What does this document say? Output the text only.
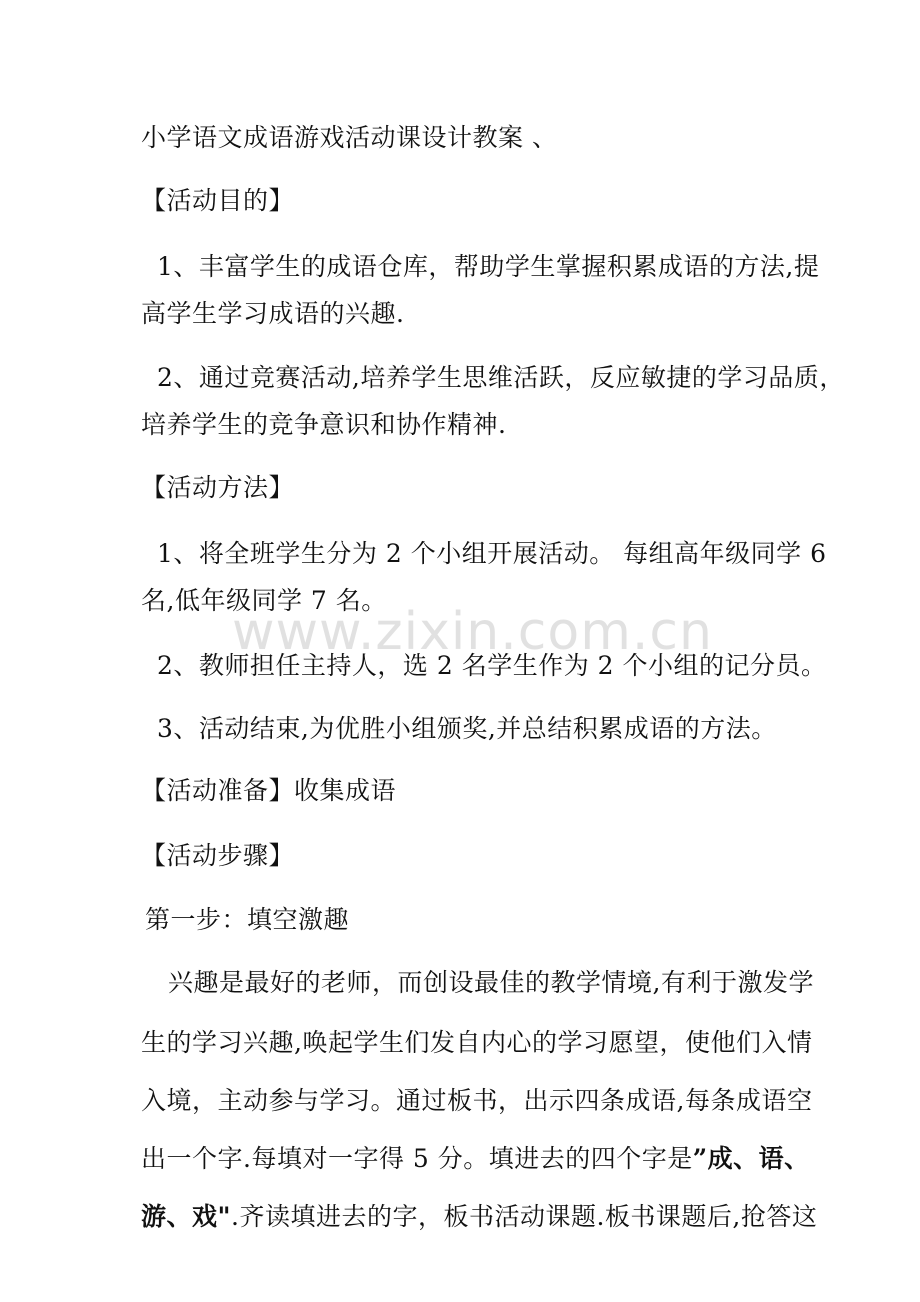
www.zixin.com.cn
小学语文成语游戏活动课设计教案 、
【活动目的】
1、丰富学生的成语仓库，帮助学生掌握积累成语的方法,提
高学生学习成语的兴趣.
2、通过竞赛活动,培养学生思维活跃，反应敏捷的学习品质，
培养学生的竞争意识和协作精神.
【活动方法】
1、将全班学生分为 2 个小组开展活动。 每组高年级同学 6
名,低年级同学 7 名。
2、教师担任主持人，选 2 名学生作为 2 个小组的记分员。
3、活动结束,为优胜小组颁奖,并总结积累成语的方法。
【活动准备】收集成语
【活动步骤】
第一步：填空激趣
兴趣是最好的老师，而创设最佳的教学情境,有利于激发学
生的学习兴趣,唤起学生们发自内心的学习愿望，使他们入情
入境，主动参与学习。通过板书，出示四条成语,每条成语空
出一个字.每填对一字得 5 分。填进去的四个字是”成、语、
游、戏".齐读填进去的字，板书活动课题.板书课题后,抢答这
